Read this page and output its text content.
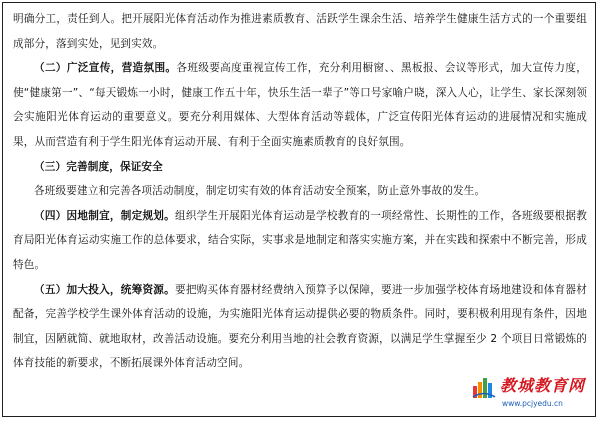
明确分工，责任到人。把开展阳光体育活动作为推进素质教育、活跃学生课余生活、培养学生健康生活方式的一个重要组成部分，落到实处，见到实效。

（二）广泛宣传，营造氛围。各班级要高度重视宣传工作，充分利用橱窗、、黑板报、会议等形式，加大宣传力度，使“健康第一”、“每天锻炼一小时，健康工作五十年，快乐生活一辈子”等口号家喻户晓，深入人心，让学生、家长深刻领会实施阳光体育运动的重要意义。要充分利用媒体、大型体育活动等载体，广泛宣传阳光体育运动的进展情况和实施成果，从而营造有利于学生阳光体育运动开展、有利于全面实施素质教育的良好氛围。

（三）完善制度，保证安全

各班级要建立和完善各项活动制度，制定切实有效的体育活动安全预案，防止意外事故的发生。

（四）因地制宜，制定规划。组织学生开展阳光体育运动是学校教育的一项经常性、长期性的工作，各班级要根据教育局阳光体育运动实施工作的总体要求，结合实际，实事求是地制定和落实实施方案，并在实践和探索中不断完善，形成特色。

（五）加大投入，统筹资源。要把购买体育器材经费纳入预算予以保障，要进一步加强学校体育场地建设和体育器材配备，完善学校学生课外体育活动的设施，为实施阳光体育运动提供必要的物质条件。同时，要积极利用现有条件，因地制宜，因陋就简、就地取材，改善活动设施。要充分利用当地的社会教育资源，以满足学生掌握至少 2 个项目日常锻炼的体育技能的新要求，不断拓展课外体育活动空间。

教城教育网
www.pcjyedu.cn
